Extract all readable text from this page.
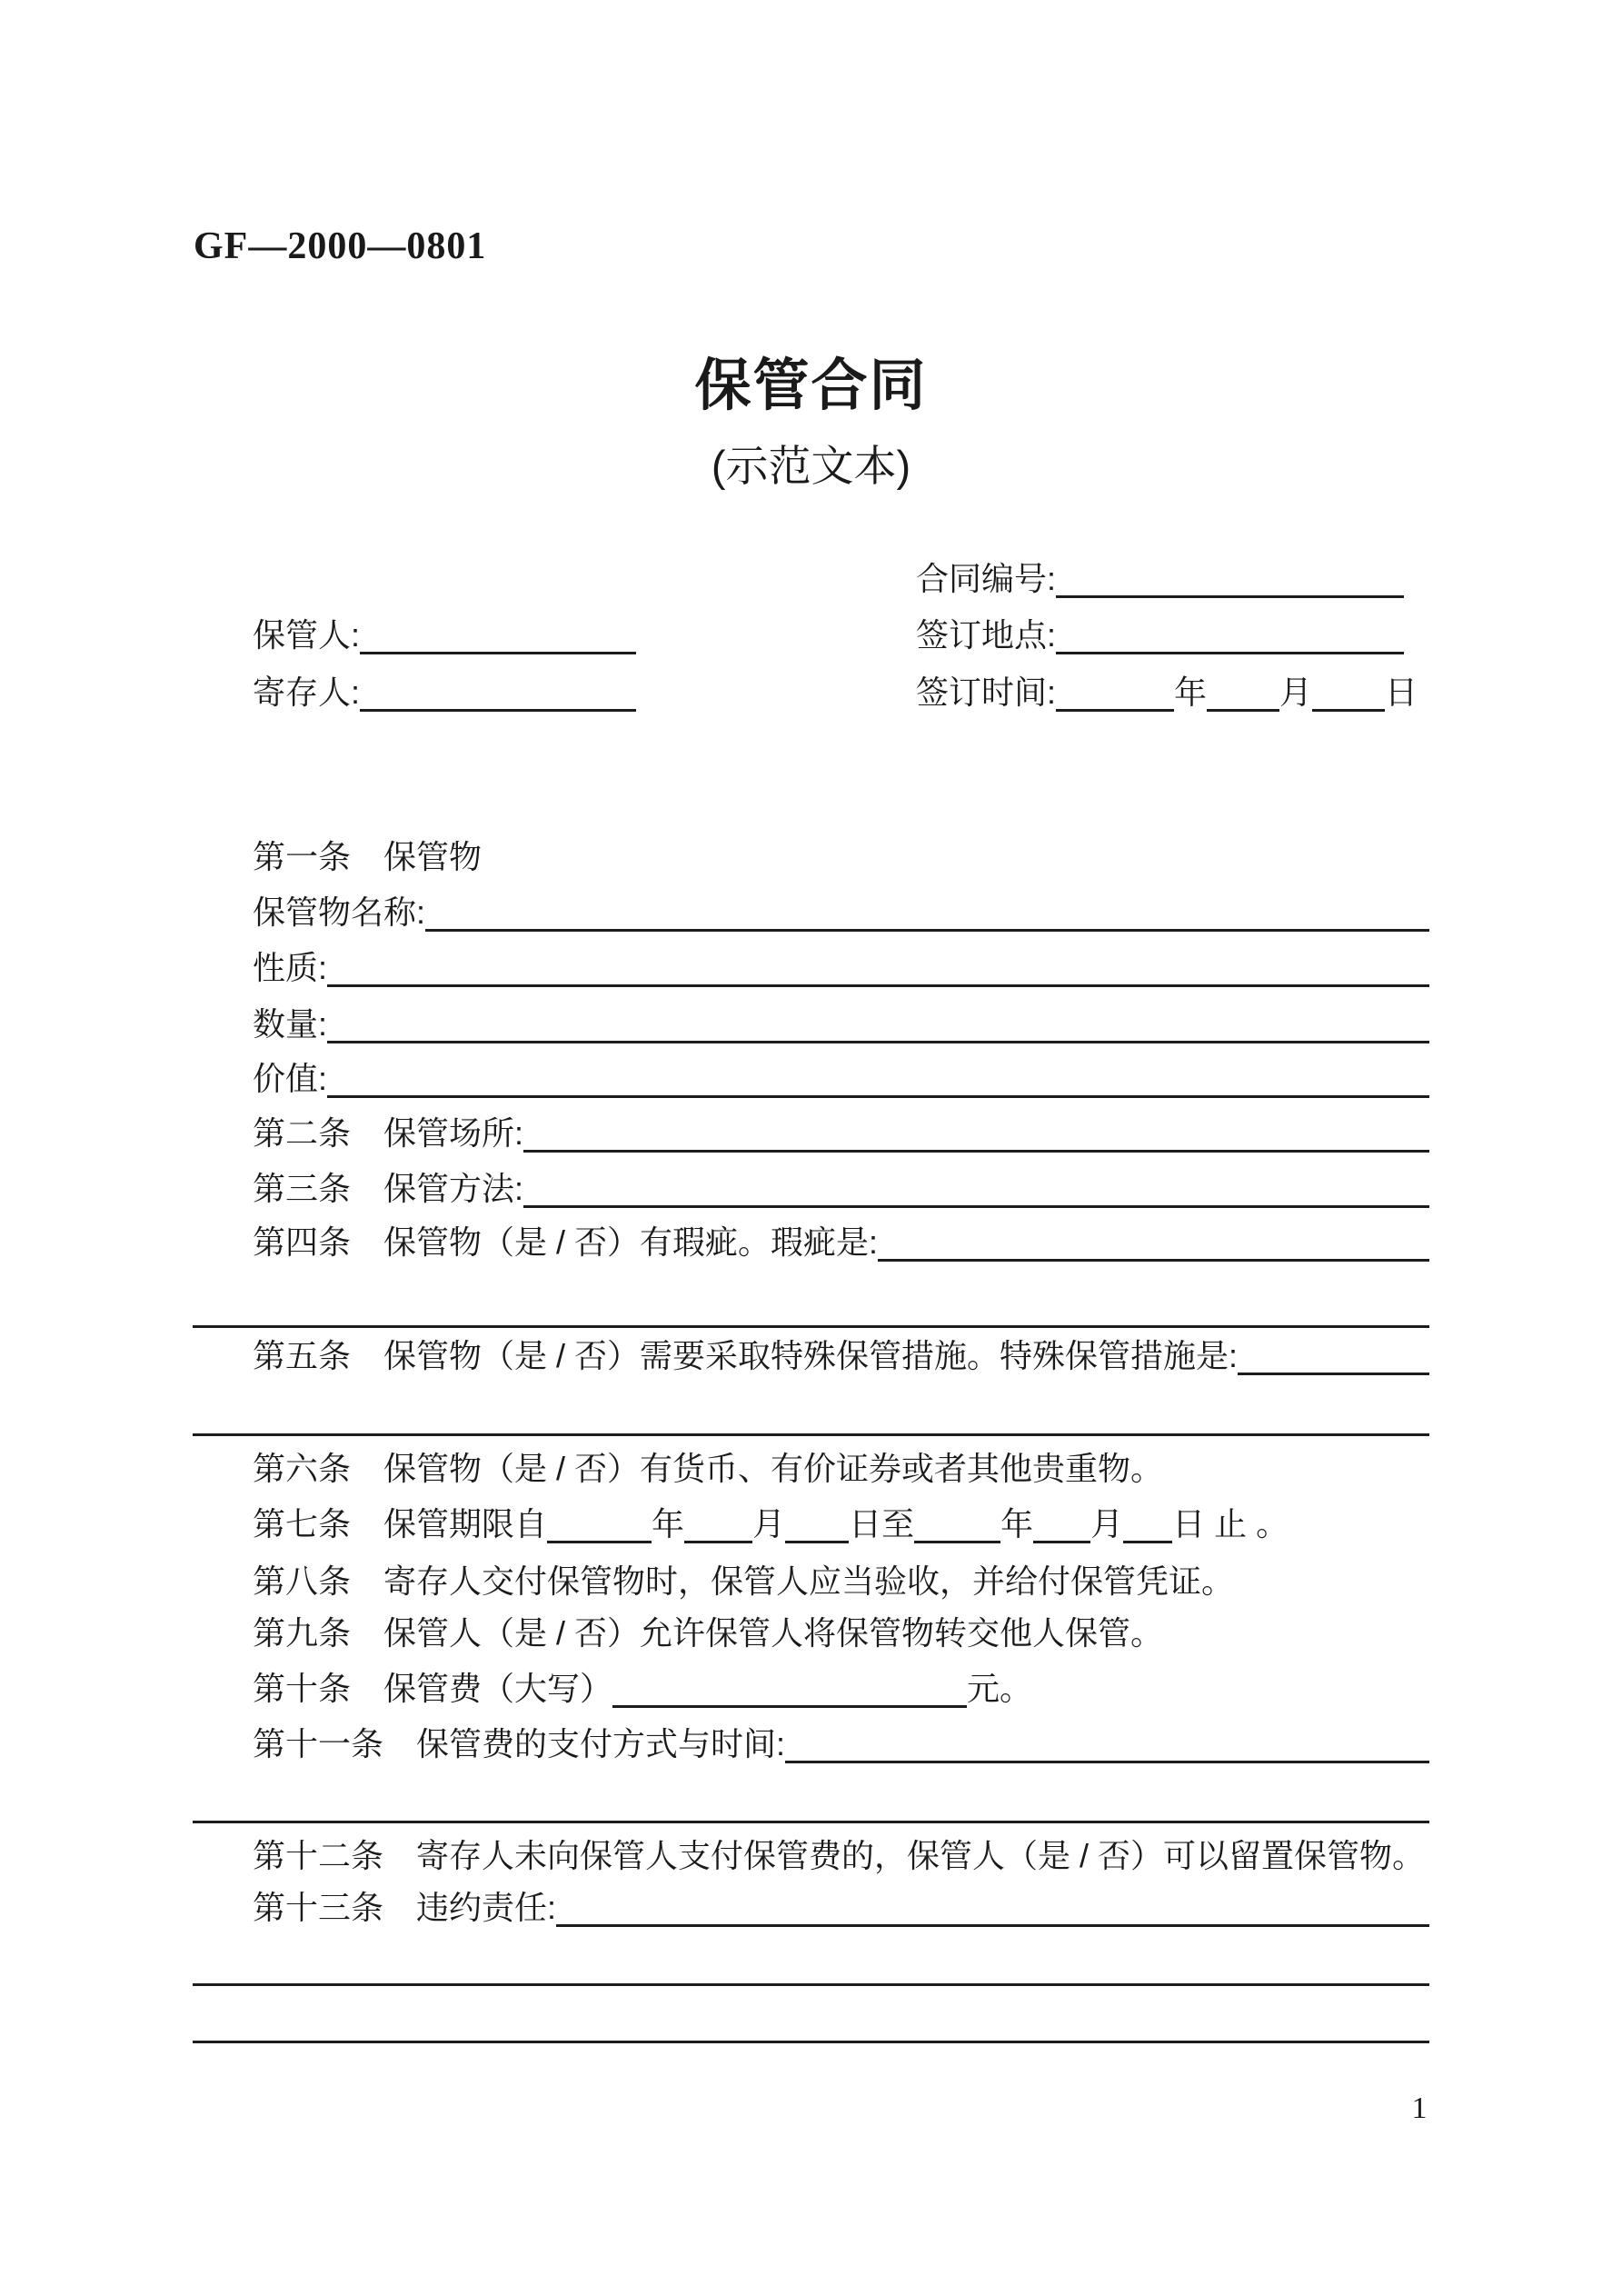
GF—2000—0801
保管合同
(示范文本)
合同编号:
保管人:	签订地点:
寄存人:	签订时间:	年 月 日
第一条 保管物
保管物名称:
性质:
数量:
价值:
第二条 保管场所:
第三条 保管方法:
第四条 保管物（是 / 否）有瑕疵。瑕疵是:
第五条 保管物（是 / 否）需要采取特殊保管措施。特殊保管措施是:
第六条 保管物（是 / 否）有货币、有价证券或者其他贵重物。
第七条 保管期限自	年 月 日至	年 月 日 止 。
第八条 寄存人交付保管物时，保管人应当验收，并给付保管凭证。
第九条 保管人（是 / 否）允许保管人将保管物转交他人保管。
第十条 保管费（大写）	元。
第十一条 保管费的支付方式与时间:
第十二条 寄存人未向保管人支付保管费的，保管人（是 / 否）可以留置保管物。
第十三条 违约责任:
1
